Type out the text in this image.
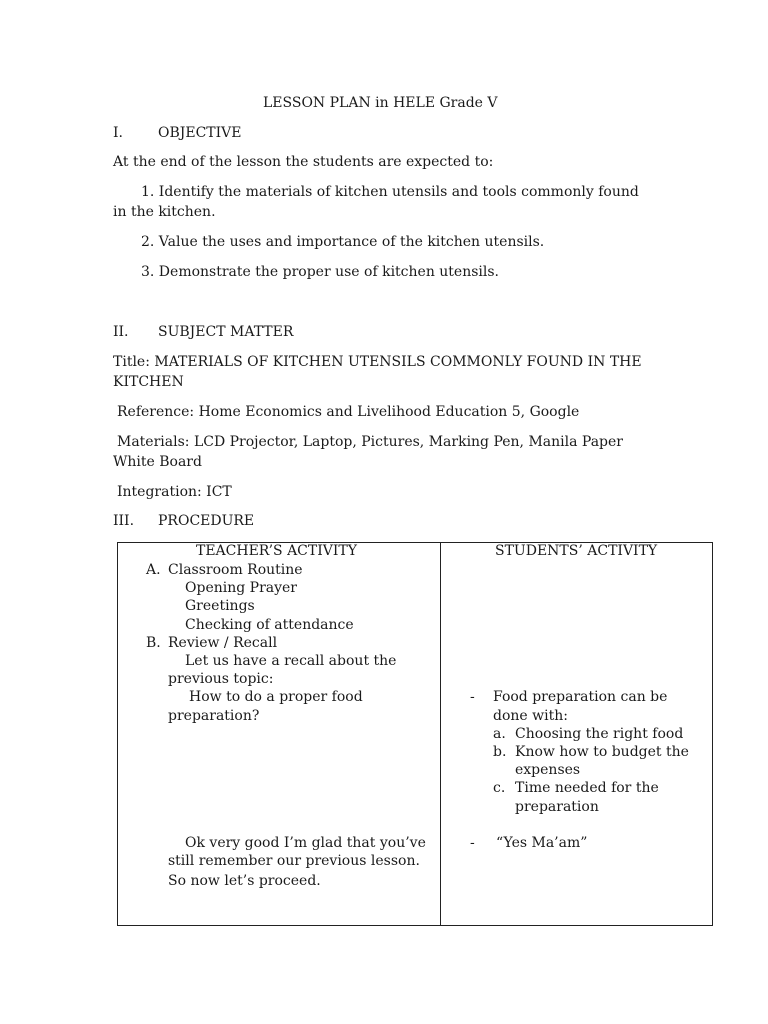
LESSON PLAN in HELE Grade V
I.	OBJECTIVE
At the end of the lesson the students are expected to:
1. Identify the materials of kitchen utensils and tools commonly found
in the kitchen.
2. Value the uses and importance of the kitchen utensils.
3. Demonstrate the proper use of kitchen utensils.
II. SUBJECT MATTER
Title: MATERIALS OF KITCHEN UTENSILS COMMONLY FOUND IN THE
KITCHEN
Reference: Home Economics and Livelihood Education 5, Google
Materials: LCD Projector, Laptop, Pictures, Marking Pen, Manila Paper
White Board
Integration: ICT
III. PROCEDURE
TEACHER’S ACTIVITY
A. Classroom Routine
Opening Prayer
Greetings
Checking of attendance
B. Review / Recall
Let us have a recall about the
previous topic:
How to do a proper food
preparation?
Ok very good I’m glad that you’ve
still remember our previous lesson.
So now let’s proceed.
STUDENTS’ ACTIVITY
- Food preparation can be
done with:
a. Choosing the right food
b. Know how to budget the
expenses
c. Time needed for the
preparation
- “Yes Ma’am”
